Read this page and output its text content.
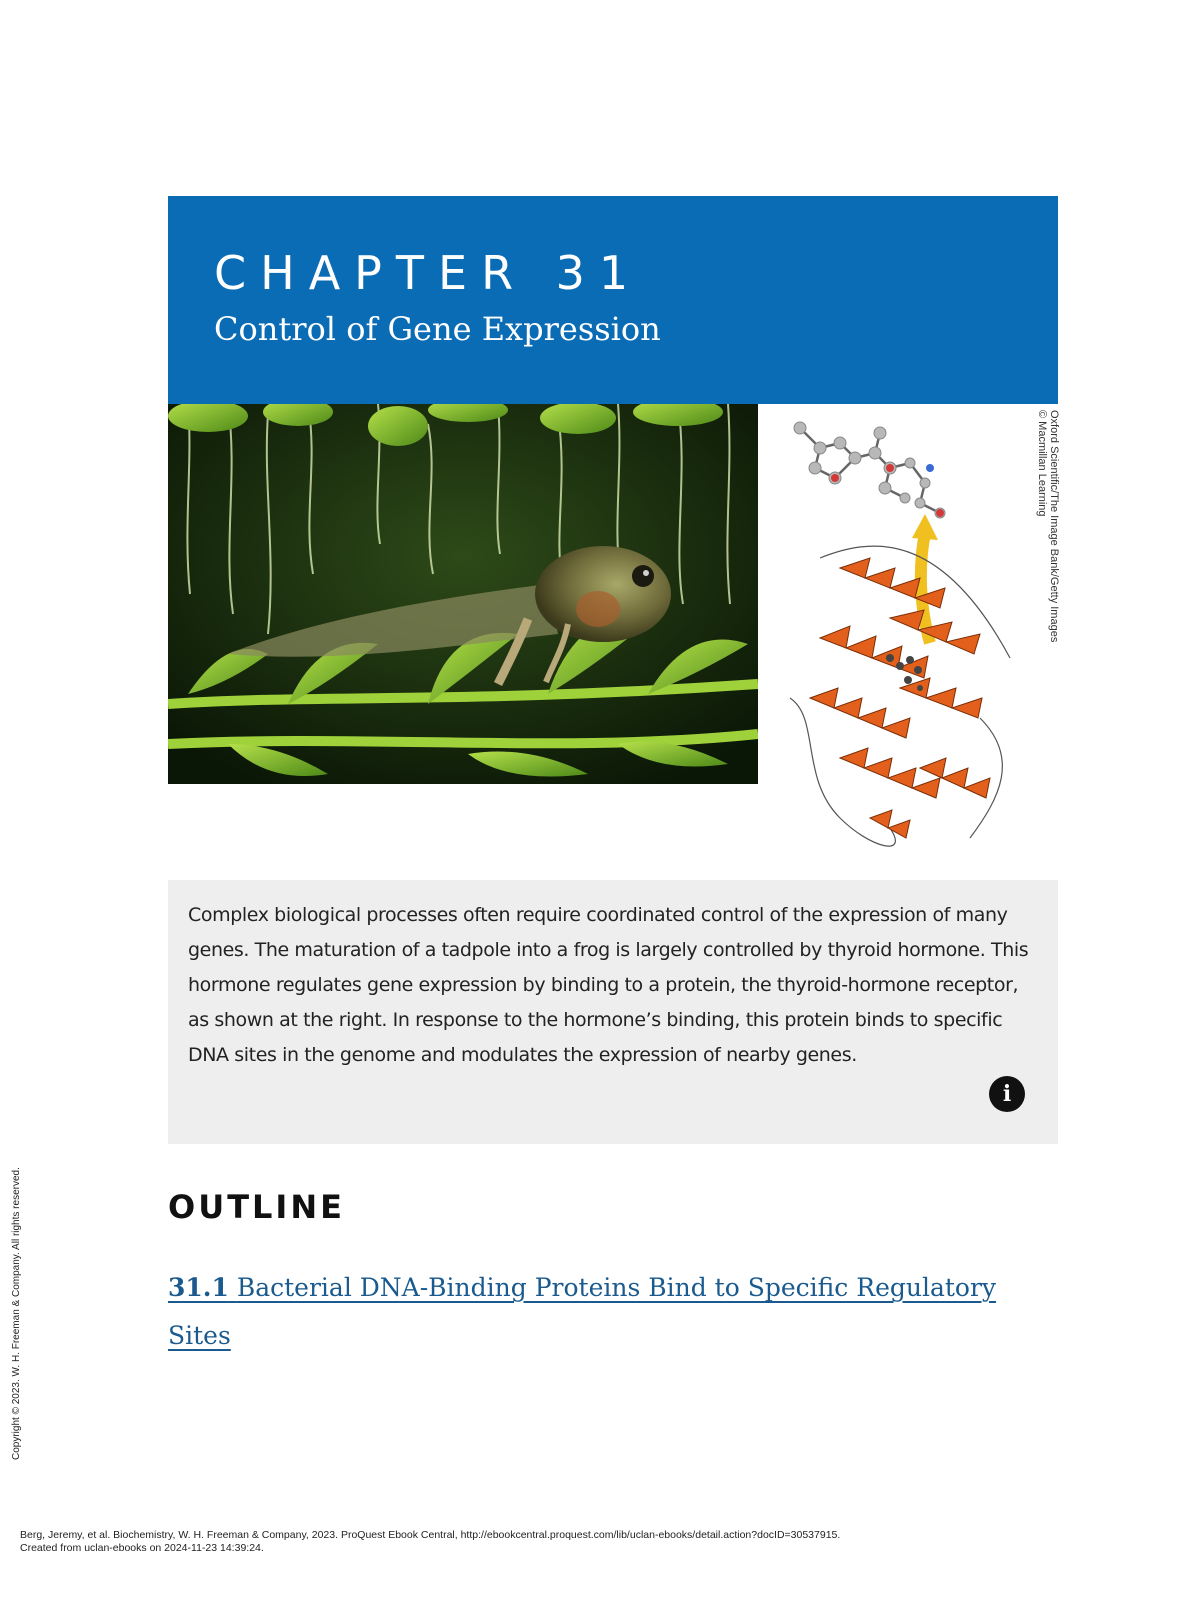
CHAPTER 31
Control of Gene Expression
Oxford Scientific/The Image Bank/Getty Images
© Macmillan Learning
Complex biological processes often require coordinated control of the expression of many genes. The maturation of a tadpole into a frog is largely controlled by thyroid hormone. This hormone regulates gene expression by binding to a protein, the thyroid-hormone receptor, as shown at the right. In response to the hormone’s binding, this protein binds to specific DNA sites in the genome and modulates the expression of nearby genes.
i
OUTLINE
31.1 Bacterial DNA-Binding Proteins Bind to Specific Regulatory Sites
Copyright © 2023. W. H. Freeman & Company. All rights reserved.
Berg, Jeremy, et al. Biochemistry, W. H. Freeman & Company, 2023. ProQuest Ebook Central, http://ebookcentral.proquest.com/lib/uclan-ebooks/detail.action?docID=30537915.
Created from uclan-ebooks on 2024-11-23 14:39:24.
